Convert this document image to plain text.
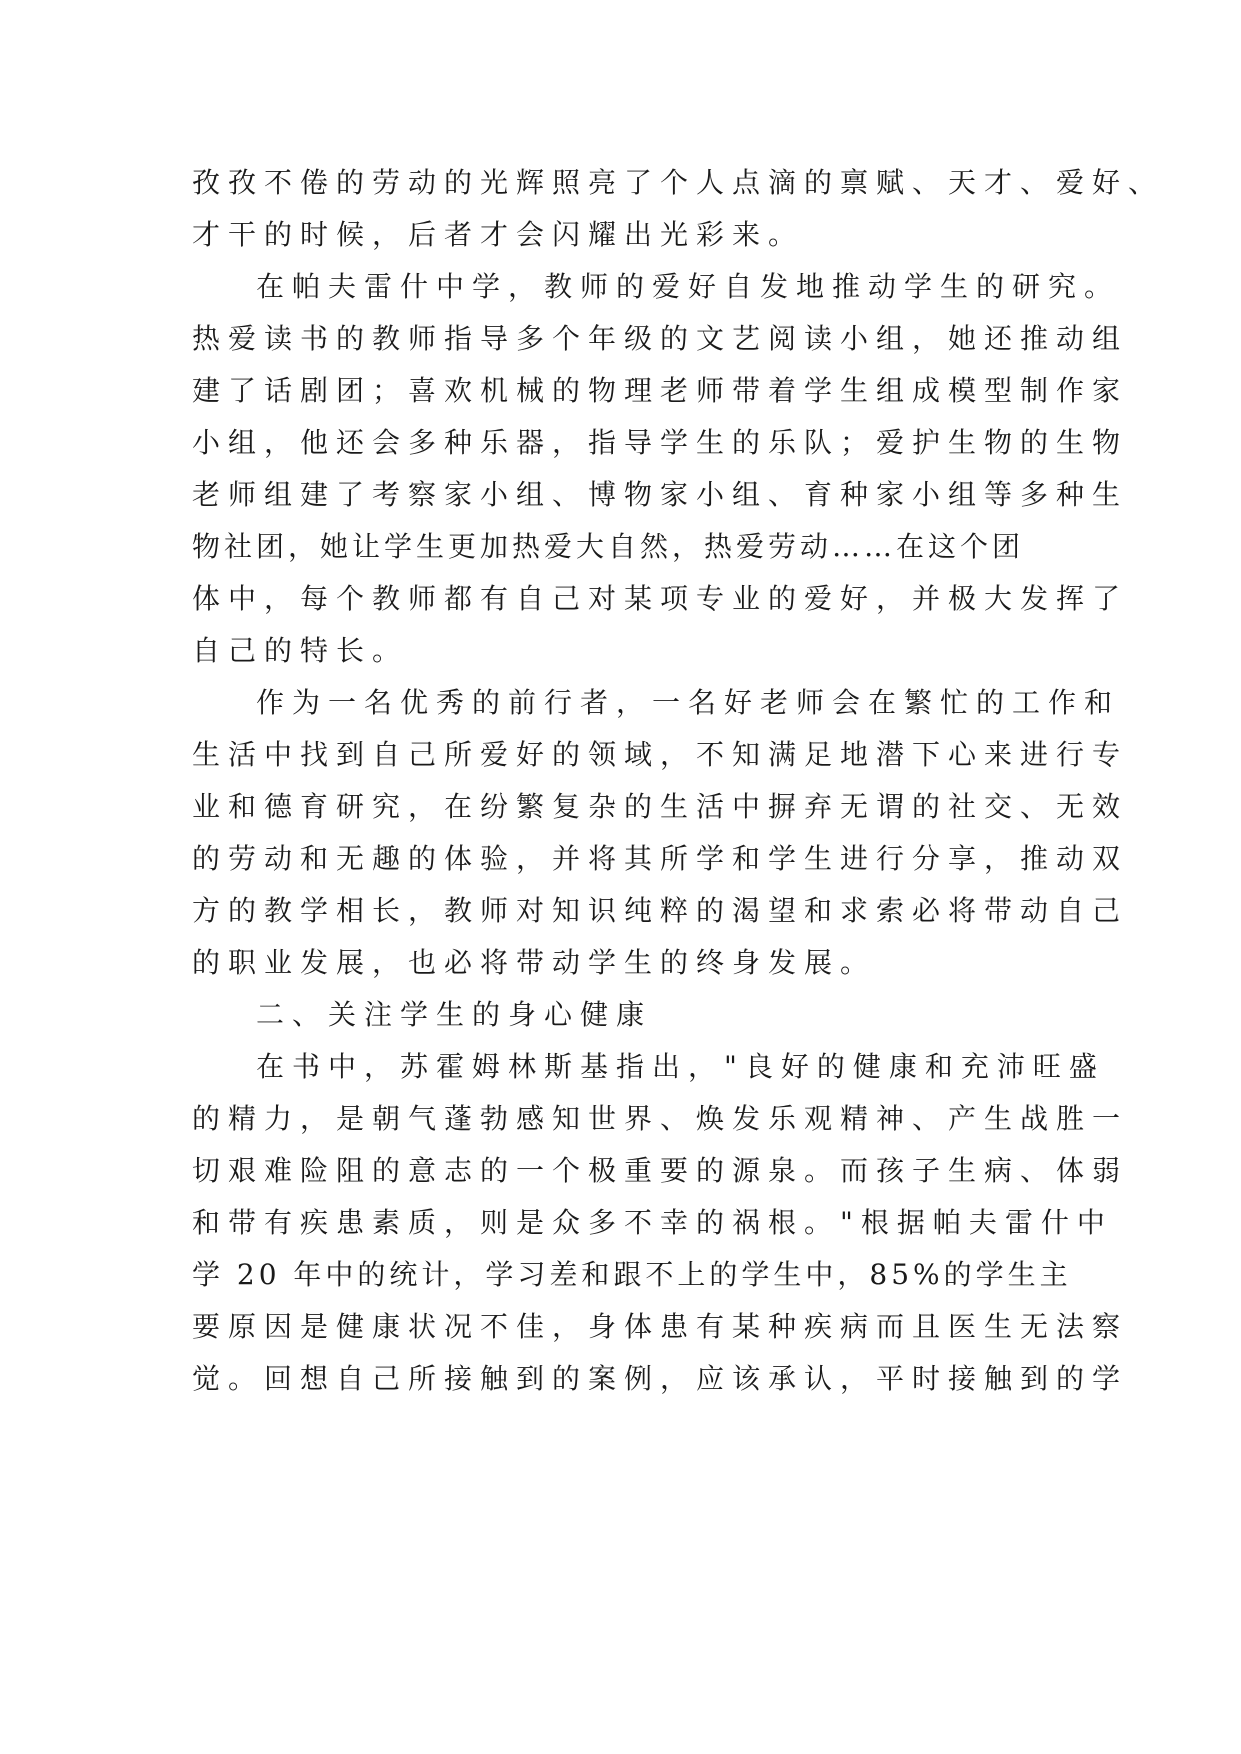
孜孜不倦的劳动的光辉照亮了个人点滴的禀赋、天才、爱好、
才干的时候，后者才会闪耀出光彩来。
在帕夫雷什中学，教师的爱好自发地推动学生的研究。
热爱读书的教师指导多个年级的文艺阅读小组，她还推动组
建了话剧团；喜欢机械的物理老师带着学生组成模型制作家
小组，他还会多种乐器，指导学生的乐队；爱护生物的生物
老师组建了考察家小组、博物家小组、育种家小组等多种生
物社团，她让学生更加热爱大自然，热爱劳动……在这个团
体中，每个教师都有自己对某项专业的爱好，并极大发挥了
自己的特长。
作为一名优秀的前行者，一名好老师会在繁忙的工作和
生活中找到自己所爱好的领域，不知满足地潜下心来进行专
业和德育研究，在纷繁复杂的生活中摒弃无谓的社交、无效
的劳动和无趣的体验，并将其所学和学生进行分享，推动双
方的教学相长，教师对知识纯粹的渴望和求索必将带动自己
的职业发展，也必将带动学生的终身发展。
二、关注学生的身心健康
在书中，苏霍姆林斯基指出，"良好的健康和充沛旺盛
的精力，是朝气蓬勃感知世界、焕发乐观精神、产生战胜一
切艰难险阻的意志的一个极重要的源泉。而孩子生病、体弱
和带有疾患素质，则是众多不幸的祸根。"根据帕夫雷什中
学 20 年中的统计，学习差和跟不上的学生中，85%的学生主
要原因是健康状况不佳，身体患有某种疾病而且医生无法察
觉。回想自己所接触到的案例，应该承认，平时接触到的学
